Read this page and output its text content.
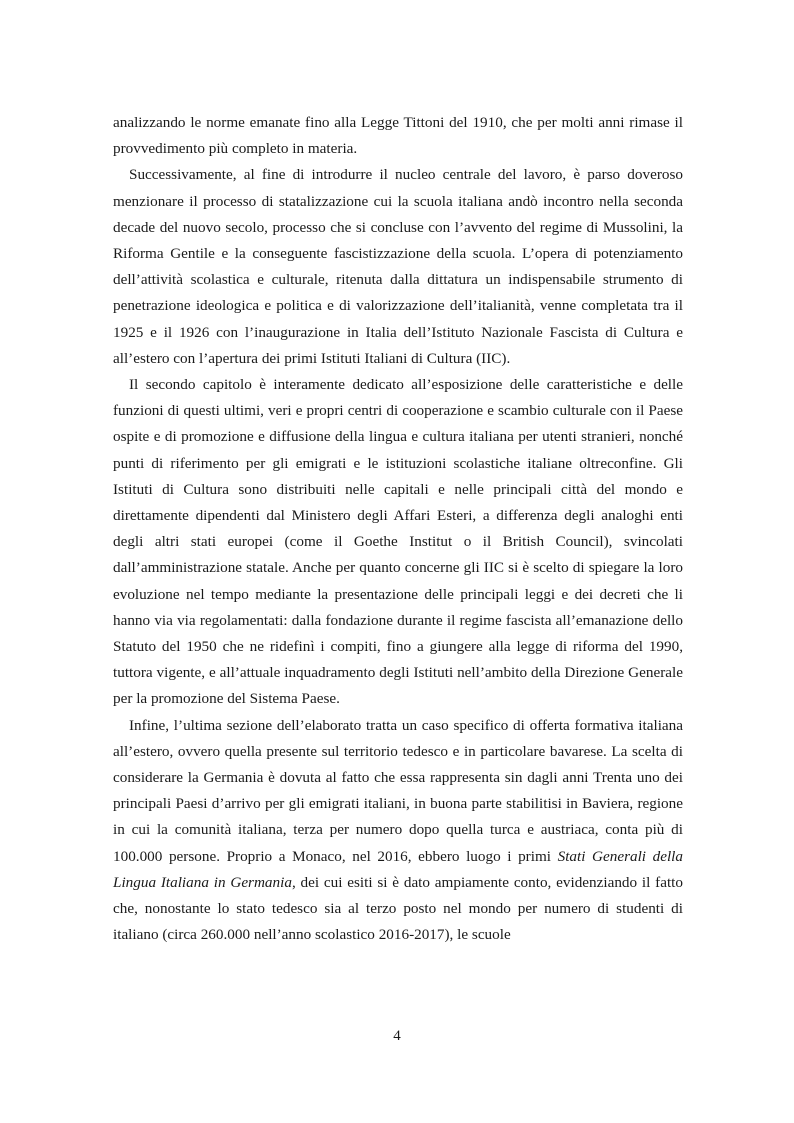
analizzando le norme emanate fino alla Legge Tittoni del 1910, che per molti anni rimase il provvedimento più completo in materia.

Successivamente, al fine di introdurre il nucleo centrale del lavoro, è parso doveroso menzionare il processo di statalizzazione cui la scuola italiana andò incontro nella seconda decade del nuovo secolo, processo che si concluse con l’avvento del regime di Mussolini, la Riforma Gentile e la conseguente fascistizzazione della scuola. L’opera di potenziamento dell’attività scolastica e culturale, ritenuta dalla dittatura un indispensabile strumento di penetrazione ideologica e politica e di valorizzazione dell’italianità, venne completata tra il 1925 e il 1926 con l’inaugurazione in Italia dell’Istituto Nazionale Fascista di Cultura e all’estero con l’apertura dei primi Istituti Italiani di Cultura (IIC).

Il secondo capitolo è interamente dedicato all’esposizione delle caratteristiche e delle funzioni di questi ultimi, veri e propri centri di cooperazione e scambio culturale con il Paese ospite e di promozione e diffusione della lingua e cultura italiana per utenti stranieri, nonché punti di riferimento per gli emigrati e le istituzioni scolastiche italiane oltreconfine. Gli Istituti di Cultura sono distribuiti nelle capitali e nelle principali città del mondo e direttamente dipendenti dal Ministero degli Affari Esteri, a differenza degli analoghi enti degli altri stati europei (come il Goethe Institut o il British Council), svincolati dall’amministrazione statale. Anche per quanto concerne gli IIC si è scelto di spiegare la loro evoluzione nel tempo mediante la presentazione delle principali leggi e dei decreti che li hanno via via regolamentati: dalla fondazione durante il regime fascista all’emanazione dello Statuto del 1950 che ne ridefinì i compiti, fino a giungere alla legge di riforma del 1990, tuttora vigente, e all’attuale inquadramento degli Istituti nell’ambito della Direzione Generale per la promozione del Sistema Paese.

Infine, l’ultima sezione dell’elaborato tratta un caso specifico di offerta formativa italiana all’estero, ovvero quella presente sul territorio tedesco e in particolare bavarese. La scelta di considerare la Germania è dovuta al fatto che essa rappresenta sin dagli anni Trenta uno dei principali Paesi d’arrivo per gli emigrati italiani, in buona parte stabilitisi in Baviera, regione in cui la comunità italiana, terza per numero dopo quella turca e austriaca, conta più di 100.000 persone. Proprio a Monaco, nel 2016, ebbero luogo i primi Stati Generali della Lingua Italiana in Germania, dei cui esiti si è dato ampiamente conto, evidenziando il fatto che, nonostante lo stato tedesco sia al terzo posto nel mondo per numero di studenti di italiano (circa 260.000 nell’anno scolastico 2016-2017), le scuole

4
